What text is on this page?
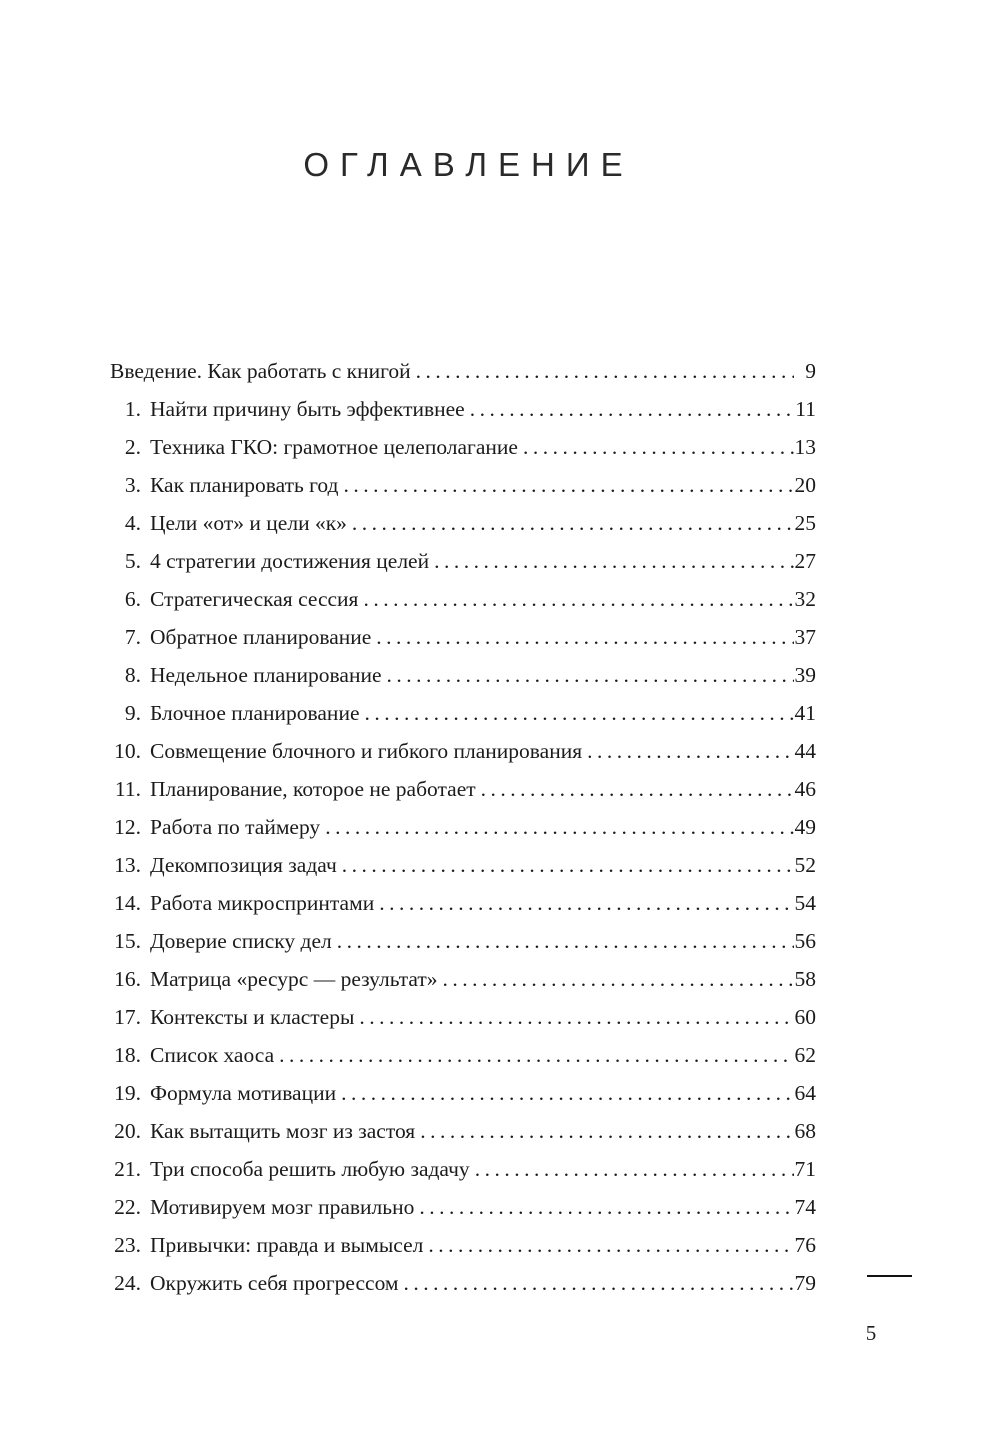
ОГЛАВЛЕНИЕ
Введение. Как работать с книгой .....	9
1. Найти причину быть эффективнее .....	11
2. Техника ГКО: грамотное целеполагание .....	13
3. Как планировать год .....	20
4. Цели «от» и цели «к» .....	25
5. 4 стратегии достижения целей .....	27
6. Стратегическая сессия .....	32
7. Обратное планирование .....	37
8. Недельное планирование .....	39
9. Блочное планирование .....	41
10. Совмещение блочного и гибкого планирования .....	44
11. Планирование, которое не работает .....	46
12. Работа по таймеру .....	49
13. Декомпозиция задач .....	52
14. Работа микроспринтами .....	54
15. Доверие списку дел .....	56
16. Матрица «ресурс — результат» .....	58
17. Контексты и кластеры .....	60
18. Список хаоса .....	62
19. Формула мотивации .....	64
20. Как вытащить мозг из застоя .....	68
21. Три способа решить любую задачу .....	71
22. Мотивируем мозг правильно .....	74
23. Привычки: правда и вымысел .....	76
24. Окружить себя прогрессом .....	79
5
